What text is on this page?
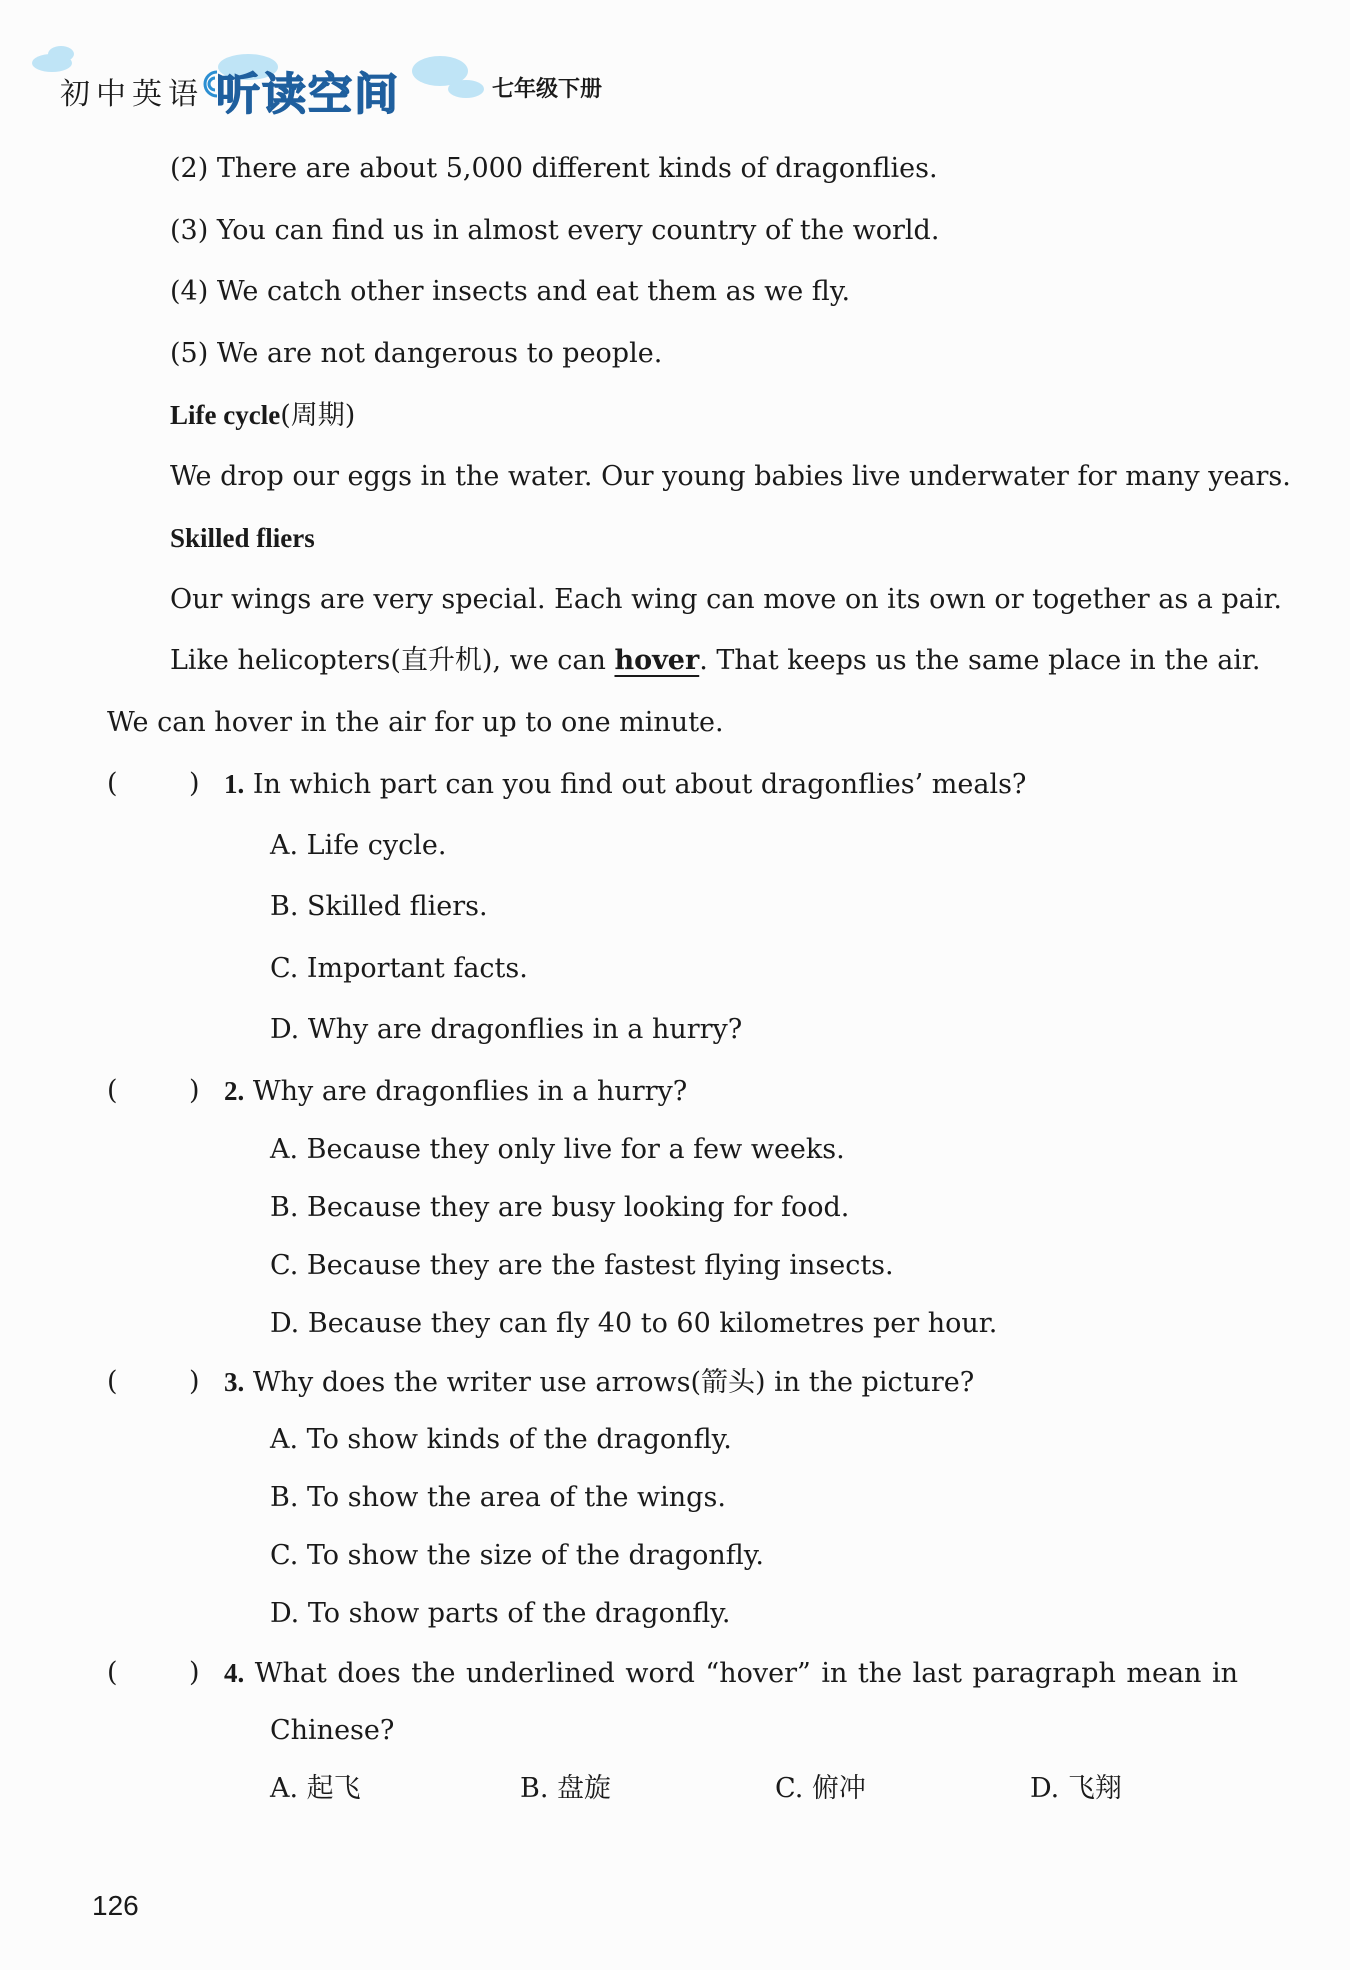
初中英语 听读空间	七年级下册
(2) There are about 5,000 different kinds of dragonflies.
(3) You can find us in almost every country of the world.
(4) We catch other insects and eat them as we fly.
(5) We are not dangerous to people.
Life cycle(周期)
We drop our eggs in the water. Our young babies live underwater for many years.
Skilled fliers
Our wings are very special. Each wing can move on its own or together as a pair.
Like helicopters(直升机), we can hover. That keeps us the same place in the air.
We can hover in the air for up to one minute.
(	) 1. In which part can you find out about dragonflies’ meals?
A. Life cycle.
B. Skilled fliers.
C. Important facts.
D. Why are dragonflies in a hurry?
(	) 2. Why are dragonflies in a hurry?
A. Because they only live for a few weeks.
B. Because they are busy looking for food.
C. Because they are the fastest flying insects.
D. Because they can fly 40 to 60 kilometres per hour.
(	) 3. Why does the writer use arrows(箭头) in the picture?
A. To show kinds of the dragonfly.
B. To show the area of the wings.
C. To show the size of the dragonfly.
D. To show parts of the dragonfly.
(	) 4. What does the underlined word “hover” in the last paragraph mean in
Chinese?
A. 起飞	B. 盘旋	C. 俯冲	D. 飞翔
126
